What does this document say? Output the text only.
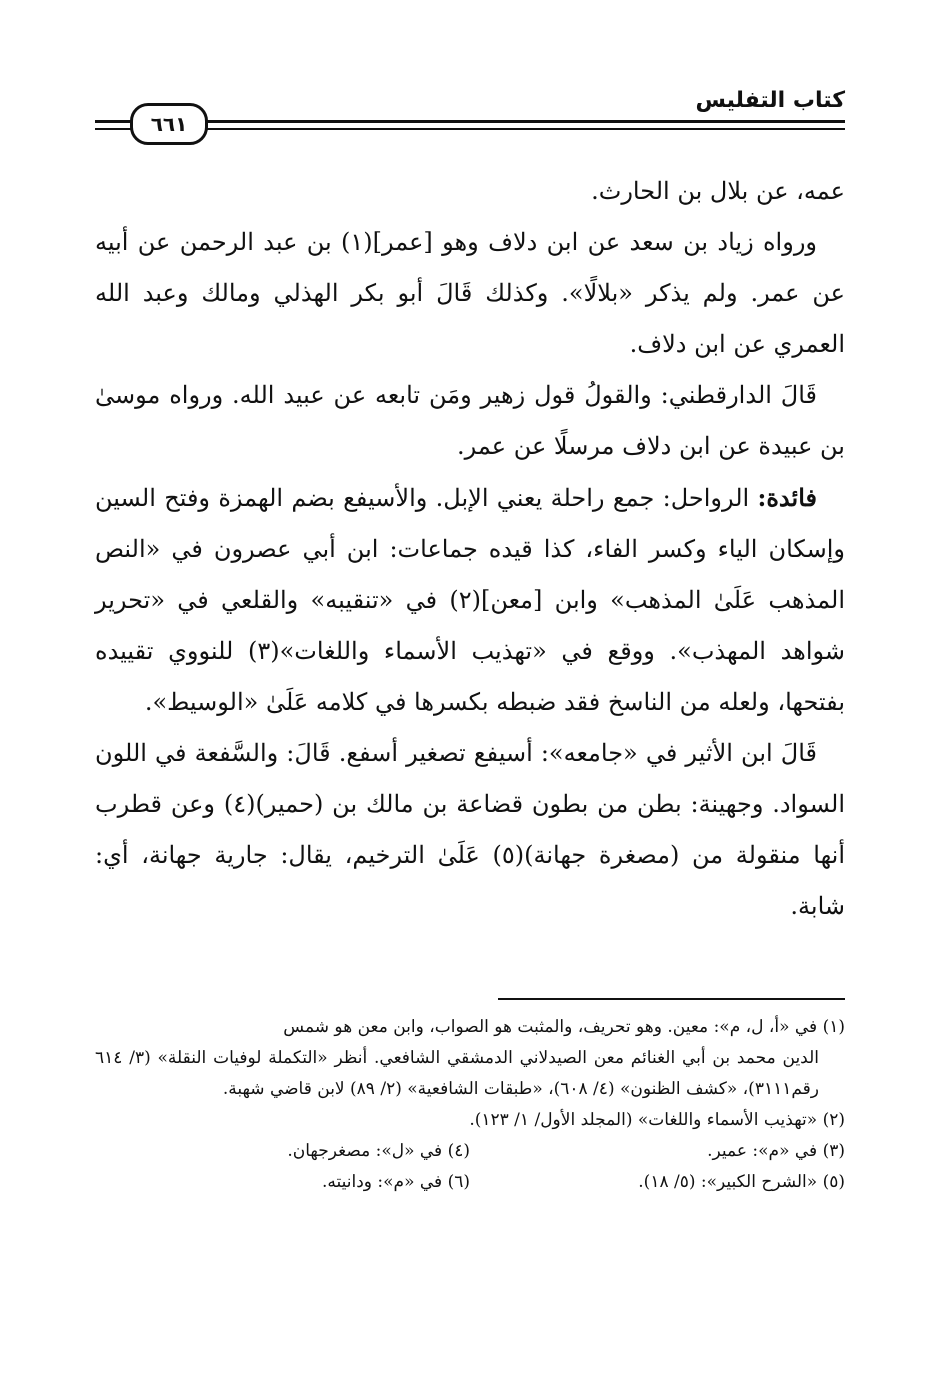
كتاب التفليس
٦٦١

عمه، عن بلال بن الحارث.

ورواه زياد بن سعد عن ابن دلاف وهو [عمر](١) بن عبد الرحمن عن أبيه عن عمر. ولم يذكر «بلالًا». وكذلك قَالَ أبو بكر الهذلي ومالك وعبد الله العمري عن ابن دلاف.

قَالَ الدارقطني: والقولُ قول زهير ومَن تابعه عن عبيد الله. ورواه موسىٰ بن عبيدة عن ابن دلاف مرسلًا عن عمر.

فائدة: الرواحل: جمع راحلة يعني الإبل. والأسيفع بضم الهمزة وفتح السين وإسكان الياء وكسر الفاء، كذا قيده جماعات: ابن أبي عصرون في «النص المذهب عَلَىٰ المذهب» وابن [معن](٢) في «تنقيبه» والقلعي في «تحرير شواهد المهذب». ووقع في «تهذيب الأسماء واللغات»(٣) للنووي تقييده بفتحها، ولعله من الناسخ فقد ضبطه بكسرها في كلامه عَلَىٰ «الوسيط».

قَالَ ابن الأثير في «جامعه»: أسيفع تصغير أسفع. قَالَ: والسَّفعة في اللون السواد. وجهينة: بطن من بطون قضاعة بن مالك بن (حمير)(٤) وعن قطرب أنها منقولة من (مصغرة جهانة)(٥) عَلَىٰ الترخيم، يقال: جارية جهانة، أي: شابة.

(١) في «أ، ل، م»: معين. وهو تحريف، والمثبت هو الصواب، وابن معن هو شمس

الدين محمد بن أبي الغنائم معن الصيدلاني الدمشقي الشافعي. أنظر «التكملة لوفيات النقلة» (٣/ ٦١٤ رقم٣١١١)، «كشف الظنون» (٤/ ٦٠٨)، «طبقات الشافعية» (٢/ ٨٩) لابن قاضي شهبة.

(٢) «تهذيب الأسماء واللغات» (المجلد الأول/ ١/ ١٢٣).

(٣) في «م»: عمير.
(٤) في «ل»: مصغرجهان.
(٥) «الشرح الكبير»: (٥/ ١٨).
(٦) في «م»: ودانيته.
